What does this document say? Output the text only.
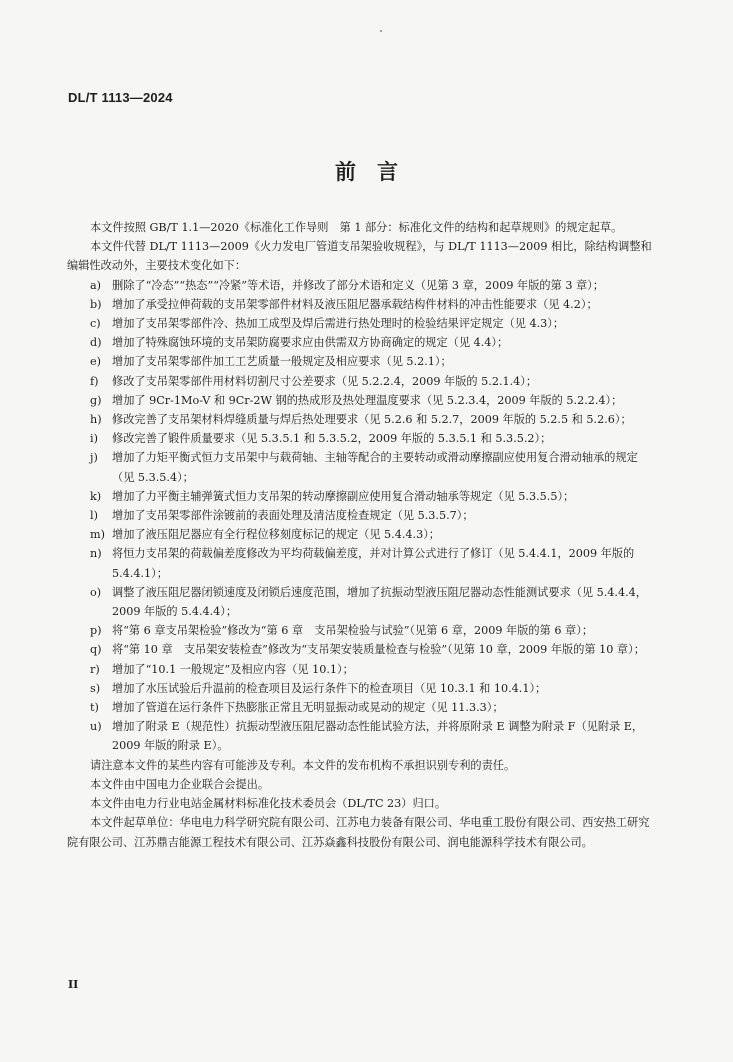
DL/T 1113—2024
前　言

本文件按照 GB/T 1.1—2020《标准化工作导则　第 1 部分：标准化文件的结构和起草规则》的规定起草。

本文件代替 DL/T 1113—2009《火力发电厂管道支吊架验收规程》，与 DL/T 1113—2009 相比，除结构调整和编辑性改动外，主要技术变化如下：

a) 删除了“冷态”“热态”“冷紧”等术语，并修改了部分术语和定义（见第 3 章，2009 年版的第 3 章）；
b) 增加了承受拉伸荷载的支吊架零部件材料及液压阻尼器承载结构件材料的冲击性能要求（见 4.2）；
c)	增加了支吊架零部件冷、热加工成型及焊后需进行热处理时的检验结果评定规定（见 4.3）；
d) 增加了特殊腐蚀环境的支吊架防腐要求应由供需双方协商确定的规定（见 4.4）；
e) 增加了支吊架零部件加工工艺质量一般规定及相应要求（见 5.2.1）；
f)	修改了支吊架零部件用材料切割尺寸公差要求（见 5.2.2.4，2009 年版的 5.2.1.4）；
g) 增加了 9Cr-1Mo-V 和 9Cr-2W 钢的热成形及热处理温度要求（见 5.2.3.4，2009 年版的 5.2.2.4）；
h) 修改完善了支吊架材料焊缝质量与焊后热处理要求（见 5.2.6 和 5.2.7，2009 年版的 5.2.5 和 5.2.6）；
i)	修改完善了锻件质量要求（见 5.3.5.1 和 5.3.5.2，2009 年版的 5.3.5.1 和 5.3.5.2）；
j)	增加了力矩平衡式恒力支吊架中与载荷轴、主轴等配合的主要转动或滑动摩擦副应使用复合滑动轴承的规定（见 5.3.5.4）；
k) 增加了力平衡主辅弹簧式恒力支吊架的转动摩擦副应使用复合滑动轴承等规定（见 5.3.5.5）；
l)	增加了支吊架零部件涂镀前的表面处理及清洁度检查规定（见 5.3.5.7）；
m) 增加了液压阻尼器应有全行程位移刻度标记的规定（见 5.4.4.3）；
n) 将恒力支吊架的荷载偏差度修改为平均荷载偏差度，并对计算公式进行了修订（见 5.4.4.1，2009 年版的 5.4.4.1）；
o) 调整了液压阻尼器闭锁速度及闭锁后速度范围，增加了抗振动型液压阻尼器动态性能测试要求（见 5.4.4.4，2009 年版的 5.4.4.4）；
p) 将“第 6 章支吊架检验”修改为“第 6 章　支吊架检验与试验”（见第 6 章，2009 年版的第 6 章）；
q) 将“第 10 章　支吊架安装检查”修改为“支吊架安装质量检查与检验”（见第 10 章，2009 年版的第 10 章）；
r)	增加了“10.1 一般规定”及相应内容（见 10.1）；
s)	增加了水压试验后升温前的检查项目及运行条件下的检查项目（见 10.3.1 和 10.4.1）；
t)	增加了管道在运行条件下热膨胀正常且无明显振动或晃动的规定（见 11.3.3）；
u) 增加了附录 E（规范性）抗振动型液压阻尼器动态性能试验方法，并将原附录 E 调整为附录 F（见附录 E，2009 年版的附录 E）。

请注意本文件的某些内容有可能涉及专利。本文件的发布机构不承担识别专利的责任。

本文件由中国电力企业联合会提出。

本文件由电力行业电站金属材料标准化技术委员会（DL/TC 23）归口。

本文件起草单位：华电电力科学研究院有限公司、江苏电力装备有限公司、华电重工股份有限公司、西安热工研究院有限公司、江苏鼎吉能源工程技术有限公司、江苏焱鑫科技股份有限公司、润电能源科学技术有限公司。

II
